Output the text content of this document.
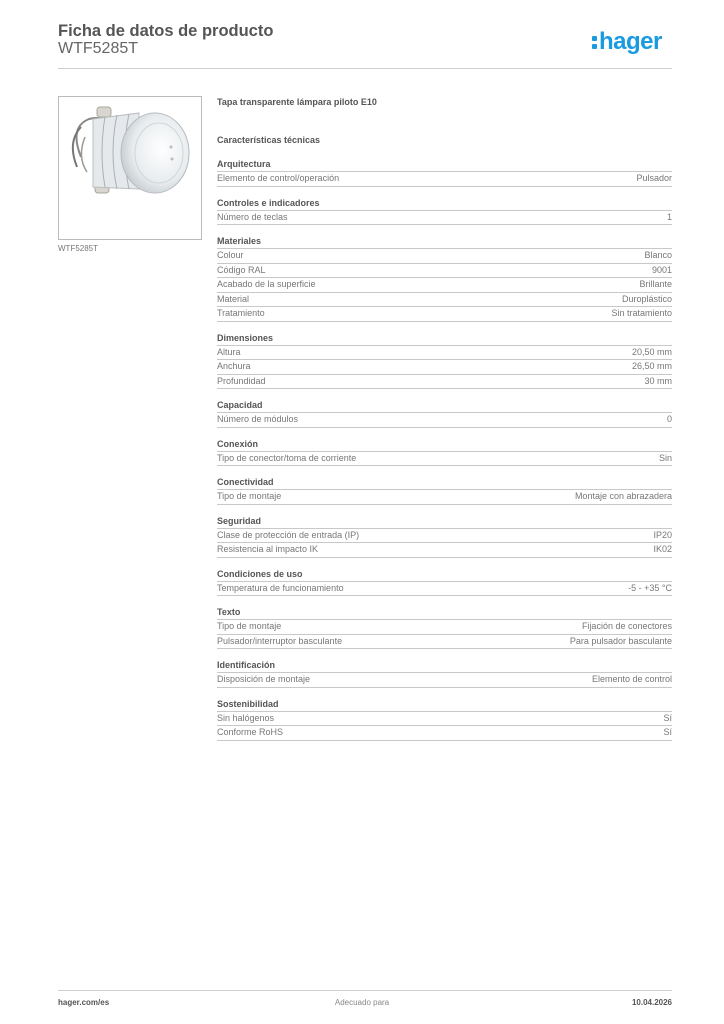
Ficha de datos de producto
WTF5285T	hager
WTF5285T
Tapa transparente lámpara piloto E10
Características técnicas
Arquitectura
Elemento de control/operación	Pulsador
Controles e indicadores
Número de teclas	1
Materiales
Colour	Blanco
Código RAL	9001
Acabado de la superficie	Brillante
Material	Duroplástico
Tratamiento	Sin tratamiento
Dimensiones
Altura	20,50 mm
Anchura	26,50 mm
Profundidad	30 mm
Capacidad
Número de módulos	0
Conexión
Tipo de conector/toma de corriente	Sin
Conectividad
Tipo de montaje	Montaje con abrazadera
Seguridad
Clase de protección de entrada (IP)	IP20
Resistencia al impacto IK	IK02
Condiciones de uso
Temperatura de funcionamiento	-5 - +35 °C
Texto
Tipo de montaje	Fijación de conectores
Pulsador/interruptor basculante	Para pulsador basculante
Identificación
Disposición de montaje	Elemento de control
Sostenibilidad
Sin halógenos	Sí
Conforme RoHS	Sí
hager.com/es	Adecuado para	10.04.2026
